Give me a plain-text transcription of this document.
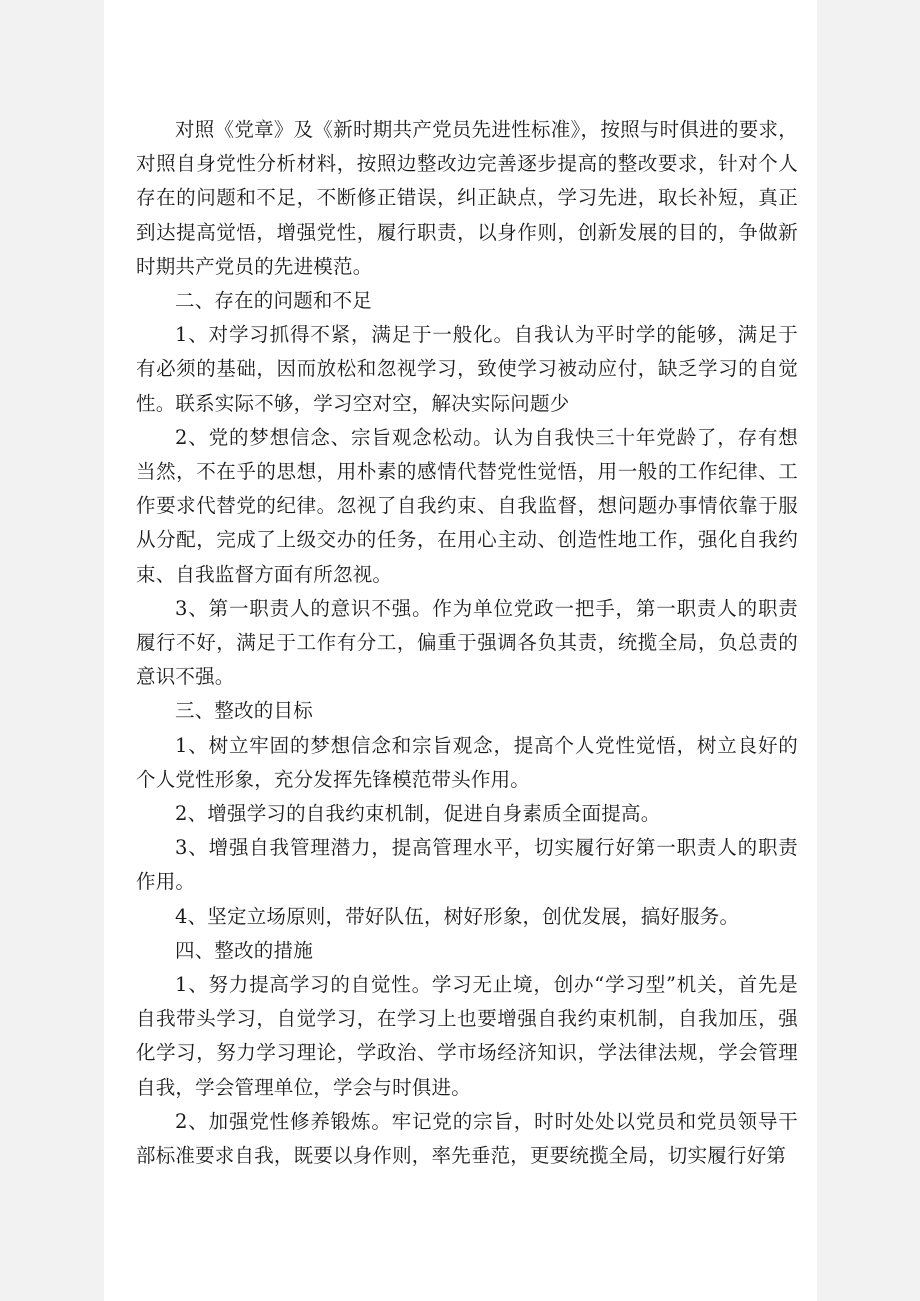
对照《党章》及《新时期共产党员先进性标准》，按照与时俱进的要求，对照自身党性分析材料，按照边整改边完善逐步提高的整改要求，针对个人存在的问题和不足，不断修正错误，纠正缺点，学习先进，取长补短，真正到达提高觉悟，增强党性，履行职责，以身作则，创新发展的目的，争做新时期共产党员的先进模范。

二、存在的问题和不足

1、对学习抓得不紧，满足于一般化。自我认为平时学的能够，满足于有必须的基础，因而放松和忽视学习，致使学习被动应付，缺乏学习的自觉性。联系实际不够，学习空对空，解决实际问题少

2、党的梦想信念、宗旨观念松动。认为自我快三十年党龄了，存有想当然，不在乎的思想，用朴素的感情代替党性觉悟，用一般的工作纪律、工作要求代替党的纪律。忽视了自我约束、自我监督，想问题办事情依靠于服从分配，完成了上级交办的任务，在用心主动、创造性地工作，强化自我约束、自我监督方面有所忽视。

3、第一职责人的意识不强。作为单位党政一把手，第一职责人的职责履行不好，满足于工作有分工，偏重于强调各负其责，统揽全局，负总责的意识不强。

三、整改的目标

1、树立牢固的梦想信念和宗旨观念，提高个人党性觉悟，树立良好的个人党性形象，充分发挥先锋模范带头作用。

2、增强学习的自我约束机制，促进自身素质全面提高。

3、增强自我管理潜力，提高管理水平，切实履行好第一职责人的职责作用。

4、坚定立场原则，带好队伍，树好形象，创优发展，搞好服务。

四、整改的措施

1、努力提高学习的自觉性。学习无止境，创办“学习型”机关，首先是自我带头学习，自觉学习，在学习上也要增强自我约束机制，自我加压，强化学习，努力学习理论，学政治、学市场经济知识，学法律法规，学会管理自我，学会管理单位，学会与时俱进。

2、加强党性修养锻炼。牢记党的宗旨，时时处处以党员和党员领导干部标准要求自我，既要以身作则，率先垂范，更要统揽全局，切实履行好第
